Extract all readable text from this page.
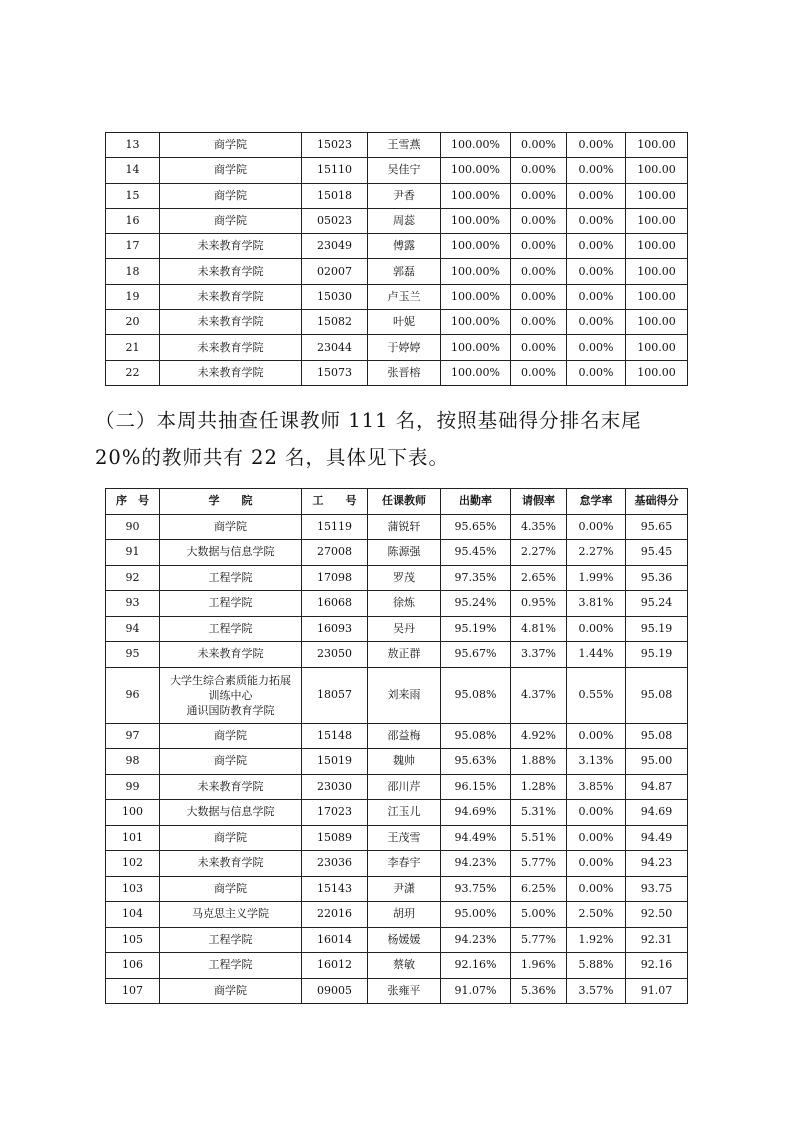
13	商学院	15023	王雪燕	100.00%	0.00%	0.00%	100.00
14	商学院	15110	吴佳宁	100.00%	0.00%	0.00%	100.00
15	商学院	15018	尹香	100.00%	0.00%	0.00%	100.00
16	商学院	05023	周蕊	100.00%	0.00%	0.00%	100.00
17	未来教育学院	23049	傅露	100.00%	0.00%	0.00%	100.00
18	未来教育学院	02007	郭磊	100.00%	0.00%	0.00%	100.00
19	未来教育学院	15030	卢玉兰	100.00%	0.00%	0.00%	100.00
20	未来教育学院	15082	叶妮	100.00%	0.00%	0.00%	100.00
21	未来教育学院	23044	于婷婷	100.00%	0.00%	0.00%	100.00
22	未来教育学院	15073	张晋榕	100.00%	0.00%	0.00%	100.00
（二）本周共抽查任课教师 111 名，按照基础得分排名末尾
20%的教师共有 22 名，具体见下表。
序　号	学　　院	工　　号	任课教师	出勤率	请假率	怠学率	基础得分
90	商学院	15119	蒲锐轩	95.65%	4.35%	0.00%	95.65
91	大数据与信息学院	27008	陈源强	95.45%	2.27%	2.27%	95.45
92	工程学院	17098	罗茂	97.35%	2.65%	1.99%	95.36
93	工程学院	16068	徐炼	95.24%	0.95%	3.81%	95.24
94	工程学院	16093	吴丹	95.19%	4.81%	0.00%	95.19
95	未来教育学院	23050	敖正群	95.67%	3.37%	1.44%	95.19
96	大学生综合素质能力拓展
训练中心
通识国防教育学院	18057	刘来雨	95.08%	4.37%	0.55%	95.08
97	商学院	15148	邵益梅	95.08%	4.92%	0.00%	95.08
98	商学院	15019	魏帅	95.63%	1.88%	3.13%	95.00
99	未来教育学院	23030	邵川芹	96.15%	1.28%	3.85%	94.87
100	大数据与信息学院	17023	江玉儿	94.69%	5.31%	0.00%	94.69
101	商学院	15089	王茂雪	94.49%	5.51%	0.00%	94.49
102	未来教育学院	23036	李春宇	94.23%	5.77%	0.00%	94.23
103	商学院	15143	尹潇	93.75%	6.25%	0.00%	93.75
104	马克思主义学院	22016	胡玥	95.00%	5.00%	2.50%	92.50
105	工程学院	16014	杨媛媛	94.23%	5.77%	1.92%	92.31
106	工程学院	16012	蔡敏	92.16%	1.96%	5.88%	92.16
107	商学院	09005	张雍平	91.07%	5.36%	3.57%	91.07
